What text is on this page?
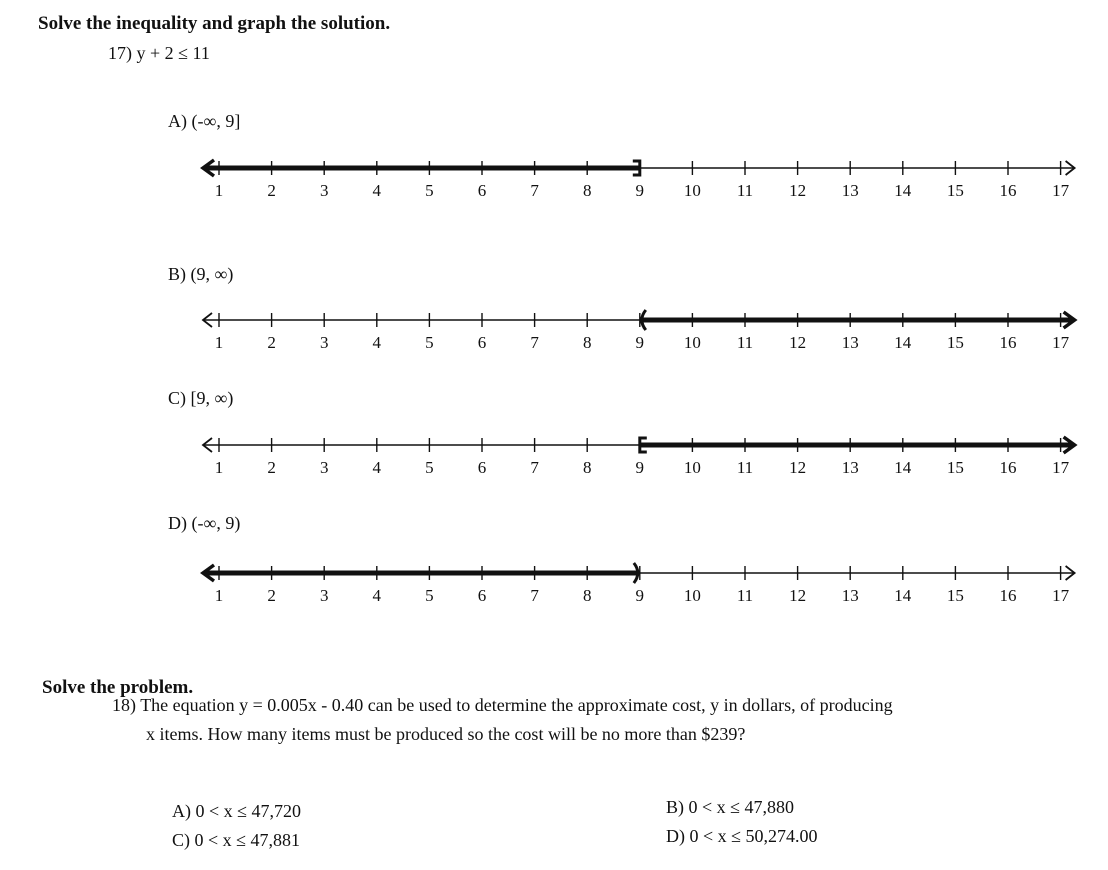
Solve the inequality and graph the solution.
17) y + 2 ≤ 11
A) (-∞, 9]
1	2	3	4	5	6	7	8	9 10 11 12 13 14 15 16 17
B) (9, ∞)
1	2	3	4	5	6	7	8	9 10 11 12 13 14 15 16 17
C) [9, ∞)
1	2	3	4	5	6	7	8	9 10 11 12 13 14 15 16 17
D) (-∞, 9)
1	2	3	4	5	6	7	8	9 10 11 12 13 14 15 16 17
Solve the problem.
18) The equation y = 0.005x - 0.40 can be used to determine the approximate cost, y in dollars, of producing
x items. How many items must be produced so the cost will be no more than $239?
A) 0 < x ≤ 47,720	B) 0 < x ≤ 47,880
C) 0 < x ≤ 47,881	D) 0 < x ≤ 50,274.00
